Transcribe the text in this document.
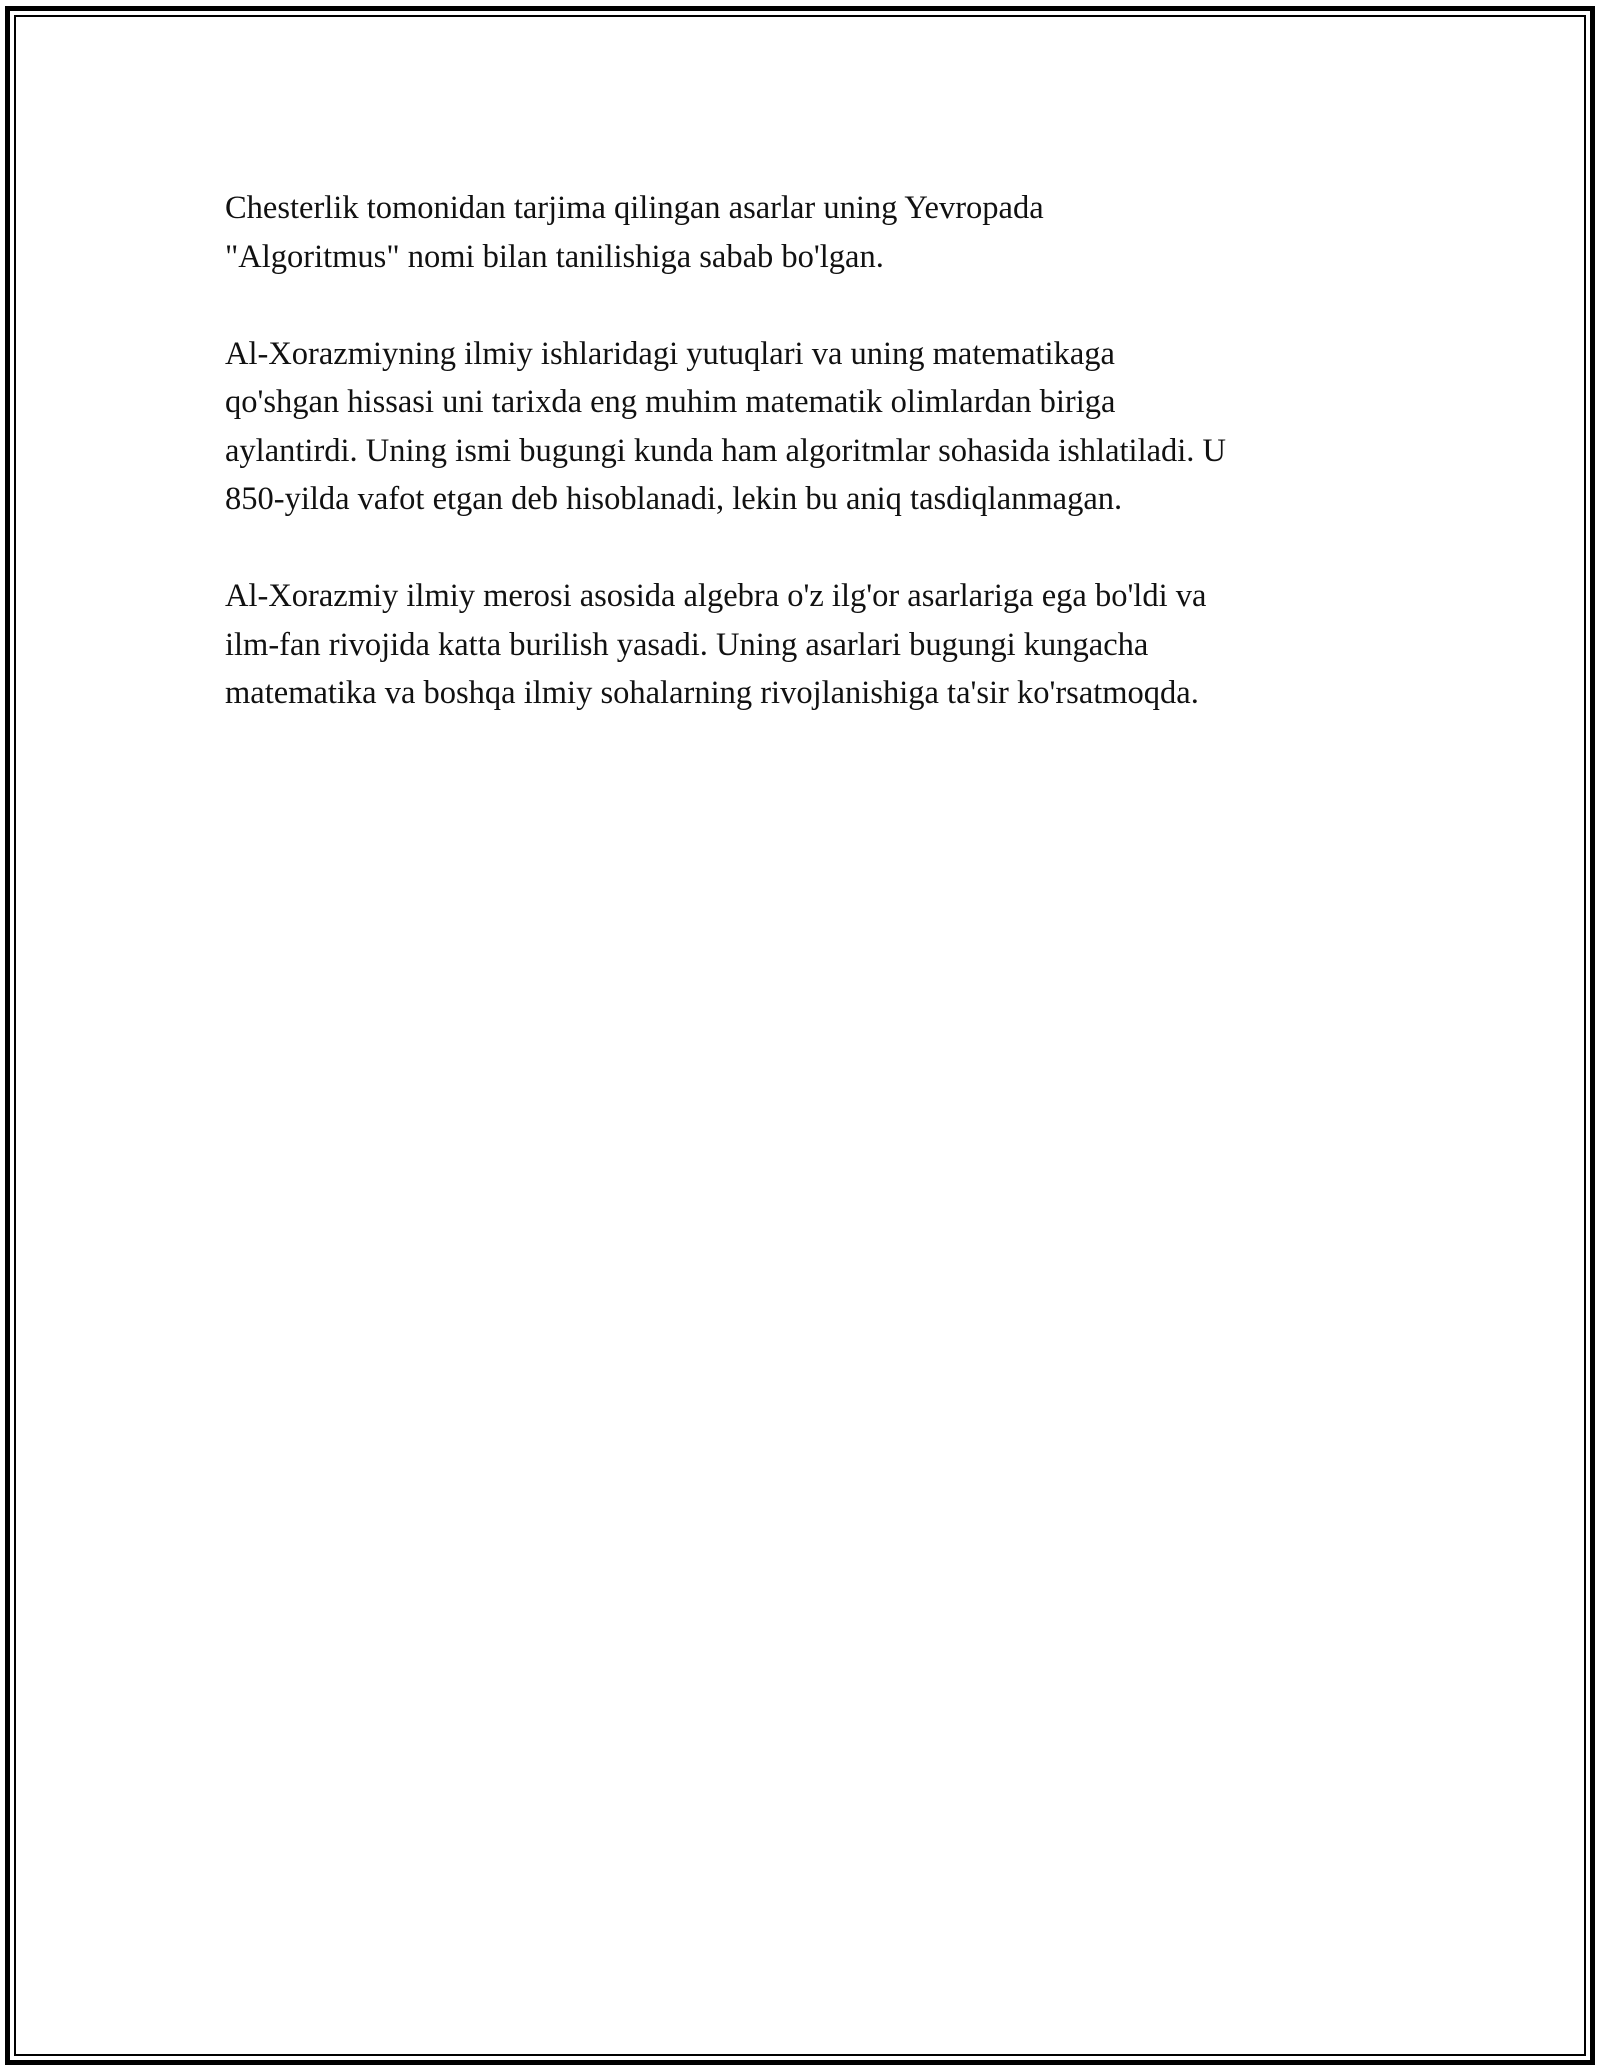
Chesterlik tomonidan tarjima qilingan asarlar uning Yevropada
"Algoritmus" nomi bilan tanilishiga sabab bo'lgan.

Al-Xorazmiyning ilmiy ishlaridagi yutuqlari va uning matematikaga
qo'shgan hissasi uni tarixda eng muhim matematik olimlardan biriga
aylantirdi. Uning ismi bugungi kunda ham algoritmlar sohasida ishlatiladi. U
850-yilda vafot etgan deb hisoblanadi, lekin bu aniq tasdiqlanmagan.

Al-Xorazmiy ilmiy merosi asosida algebra o'z ilg'or asarlariga ega bo'ldi va
ilm-fan rivojida katta burilish yasadi. Uning asarlari bugungi kungacha
matematika va boshqa ilmiy sohalarning rivojlanishiga ta'sir ko'rsatmoqda.
